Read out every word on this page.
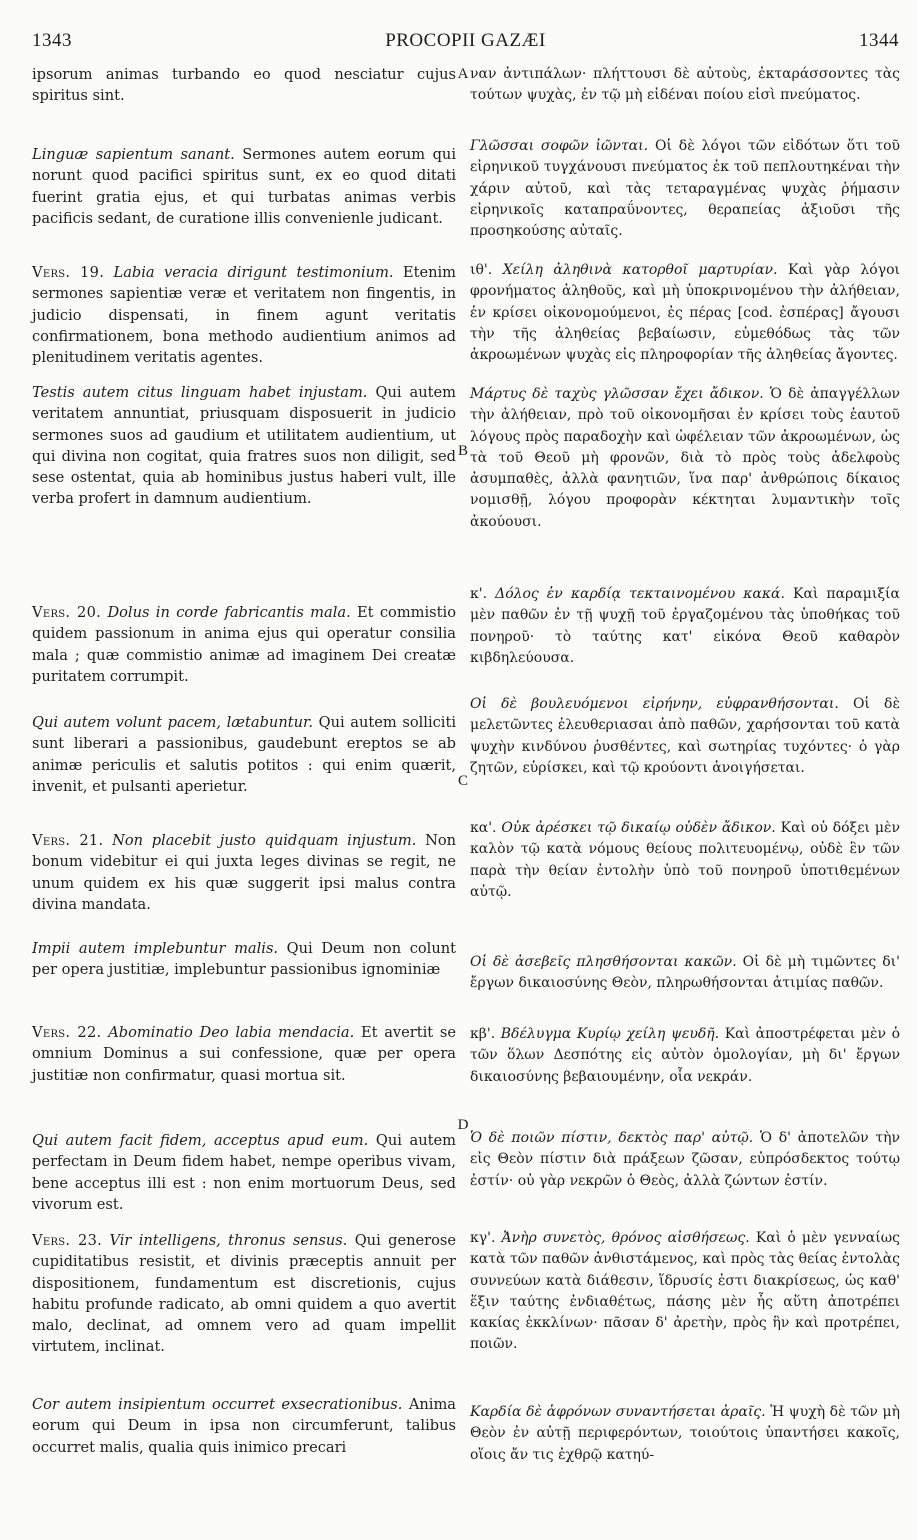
1343	PROCOPII GAZÆI	1344
A
B
C
D

ipsorum animas turbando eo quod nesciatur cujus spiritus sint.

Linguæ sapientum sanant. Sermones autem eorum qui norunt quod pacifici spiritus sunt, ex eo quod ditati fuerint gratia ejus, et qui turbatas animas verbis pacificis sedant, de curatione illis convenienle judicant.

Vers. 19. Labia veracia dirigunt testimonium. Etenim sermones sapientiæ veræ et veritatem non fingentis, in judicio dispensati, in finem agunt veritatis confirmationem, bona methodo audientium animos ad plenitudinem veritatis agentes.

Testis autem citus linguam habet injustam. Qui autem veritatem annuntiat, priusquam disposuerit in judicio sermones suos ad gaudium et utilitatem audientium, ut qui divina non cogitat, quia fratres suos non diligit, sed sese ostentat, quia ab hominibus justus haberi vult, ille verba profert in damnum audientium.

Vers. 20. Dolus in corde fabricantis mala. Et commistio quidem passionum in anima ejus qui operatur consilia mala ; quæ commistio animæ ad imaginem Dei creatæ puritatem corrumpit.

Qui autem volunt pacem, lætabuntur. Qui autem solliciti sunt liberari a passionibus, gaudebunt ereptos se ab animæ periculis et salutis potitos : qui enim quærit, invenit, et pulsanti aperietur.

Vers. 21. Non placebit justo quidquam injustum. Non bonum videbitur ei qui juxta leges divinas se regit, ne unum quidem ex his quæ suggerit ipsi malus contra divina mandata.

Impii autem implebuntur malis. Qui Deum non colunt per opera justitiæ, implebuntur passionibus ignominiæ

Vers. 22. Abominatio Deo labia mendacia. Et avertit se omnium Dominus a sui confessione, quæ per opera justitiæ non confirmatur, quasi mortua sit.

Qui autem facit fidem, acceptus apud eum. Qui autem perfectam in Deum fidem habet, nempe operibus vivam, bene acceptus illi est : non enim mortuorum Deus, sed vivorum est.

Vers. 23. Vir intelligens, thronus sensus. Qui generose cupiditatibus resistit, et divinis præceptis annuit per dispositionem, fundamentum est discretionis, cujus habitu profunde radicato, ab omni quidem a quo avertit malo, declinat, ad omnem vero ad quam impellit virtutem, inclinat.

Cor autem insipientum occurret exsecrationibus. Anima eorum qui Deum in ipsa non circumferunt, talibus occurret malis, qualia quis inimico precari

ναν ἀντιπάλων· πλήττουσι δὲ αὐτοὺς, ἐκταράσσοντες τὰς τούτων ψυχὰς, ἐν τῷ μὴ εἰδέναι ποίου εἰσὶ πνεύματος.

Γλῶσσαι σοφῶν ἰῶνται. Οἱ δὲ λόγοι τῶν εἰδότων ὅτι τοῦ εἰρηνικοῦ τυγχάνουσι πνεύματος ἐκ τοῦ πεπλουτηκέναι τὴν χάριν αὐτοῦ, καὶ τὰς τεταραγμένας ψυχὰς ῥήμασιν εἰρηνικοῖς καταπραΰνοντες, θεραπείας ἀξιοῦσι τῆς προσηκούσης αὐταῖς.

ιθ'. Χείλη ἀληθινὰ κατορθοῖ μαρτυρίαν. Καὶ γὰρ λόγοι φρονήματος ἀληθοῦς, καὶ μὴ ὑποκρινομένου τὴν ἀλήθειαν, ἐν κρίσει οἰκονομούμενοι, ἐς πέρας [cod. ἐσπέρας] ἄγουσι τὴν τῆς ἀληθείας βεβαίωσιν, εὐμεθόδως τὰς τῶν ἀκροωμένων ψυχὰς εἰς πληροφορίαν τῆς ἀληθείας ἄγοντες.

Μάρτυς δὲ ταχὺς γλῶσσαν ἔχει ἄδικον. Ὁ δὲ ἀπαγγέλλων τὴν ἀλήθειαν, πρὸ τοῦ οἰκονομῆσαι ἐν κρίσει τοὺς ἑαυτοῦ λόγους πρὸς παραδοχὴν καὶ ὠφέλειαν τῶν ἀκροωμένων, ὡς τὰ τοῦ Θεοῦ μὴ φρονῶν, διὰ τὸ πρὸς τοὺς ἀδελφοὺς ἀσυμπαθὲς, ἀλλὰ φανητιῶν, ἵνα παρ' ἀνθρώποις δίκαιος νομισθῇ, λόγου προφορὰν κέκτηται λυμαντικὴν τοῖς ἀκούουσι.

κ'. Δόλος ἐν καρδίᾳ τεκταινομένου κακά. Καὶ παραμιξία μὲν παθῶν ἐν τῇ ψυχῇ τοῦ ἐργαζομένου τὰς ὑποθήκας τοῦ πονηροῦ· τὸ ταύτης κατ' εἰκόνα Θεοῦ καθαρὸν κιβδηλεύουσα.

Οἱ δὲ βουλευόμενοι εἰρήνην, εὐφρανθήσονται. Οἱ δὲ μελετῶντες ἐλευθεριασαι ἀπὸ παθῶν, χαρήσονται τοῦ κατὰ ψυχὴν κινδύνου ῥυσθέντες, καὶ σωτηρίας τυχόντες· ὁ γὰρ ζητῶν, εὑρίσκει, καὶ τῷ κρούοντι ἀνοιγήσεται.

κα'. Οὐκ ἀρέσκει τῷ δικαίῳ οὐδὲν ἄδικον. Καὶ οὐ δόξει μὲν καλὸν τῷ κατὰ νόμους θείους πολιτευομένῳ, οὐδὲ ἓν τῶν παρὰ τὴν θείαν ἐντολὴν ὑπὸ τοῦ πονηροῦ ὑποτιθεμένων αὐτῷ.

Οἱ δὲ ἀσεβεῖς πλησθήσονται κακῶν. Οἱ δὲ μὴ τιμῶντες δι' ἔργων δικαιοσύνης Θεὸν, πληρωθήσονται ἀτιμίας παθῶν.

κβ'. Βδέλυγμα Κυρίῳ χείλη ψευδῆ. Καὶ ἀποστρέφεται μὲν ὁ τῶν ὅλων Δεσπότης εἰς αὐτὸν ὁμολογίαν, μὴ δι' ἔργων δικαιοσύνης βεβαιουμένην, οἷα νεκράν.

Ὁ δὲ ποιῶν πίστιν, δεκτὸς παρ' αὐτῷ. Ὁ δ' ἀποτελῶν τὴν εἰς Θεὸν πίστιν διὰ πράξεων ζῶσαν, εὐπρόσδεκτος τούτῳ ἐστίν· οὐ γὰρ νεκρῶν ὁ Θεὸς, ἀλλὰ ζώντων ἐστίν.

κγ'. Ἀνὴρ συνετὸς, θρόνος αἰσθήσεως. Καὶ ὁ μὲν γενναίως κατὰ τῶν παθῶν ἀνθιστάμενος, καὶ πρὸς τὰς θείας ἐντολὰς συννεύων κατὰ διάθεσιν, ἵδρυσίς ἐστι διακρίσεως, ὡς καθ' ἕξιν ταύτης ἐνδιαθέτως, πάσης μὲν ἧς αὕτη ἀποτρέπει κακίας ἐκκλίνων· πᾶσαν δ' ἀρετὴν, πρὸς ἣν καὶ προτρέπει, ποιῶν.

Καρδία δὲ ἀφρόνων συναντήσεται ἀραῖς. Ἡ ψυχὴ δὲ τῶν μὴ Θεὸν ἐν αὐτῇ περιφερόντων, τοιούτοις ὑπαντήσει κακοῖς, οἵοις ἄν τις ἐχθρῷ κατηύ-
